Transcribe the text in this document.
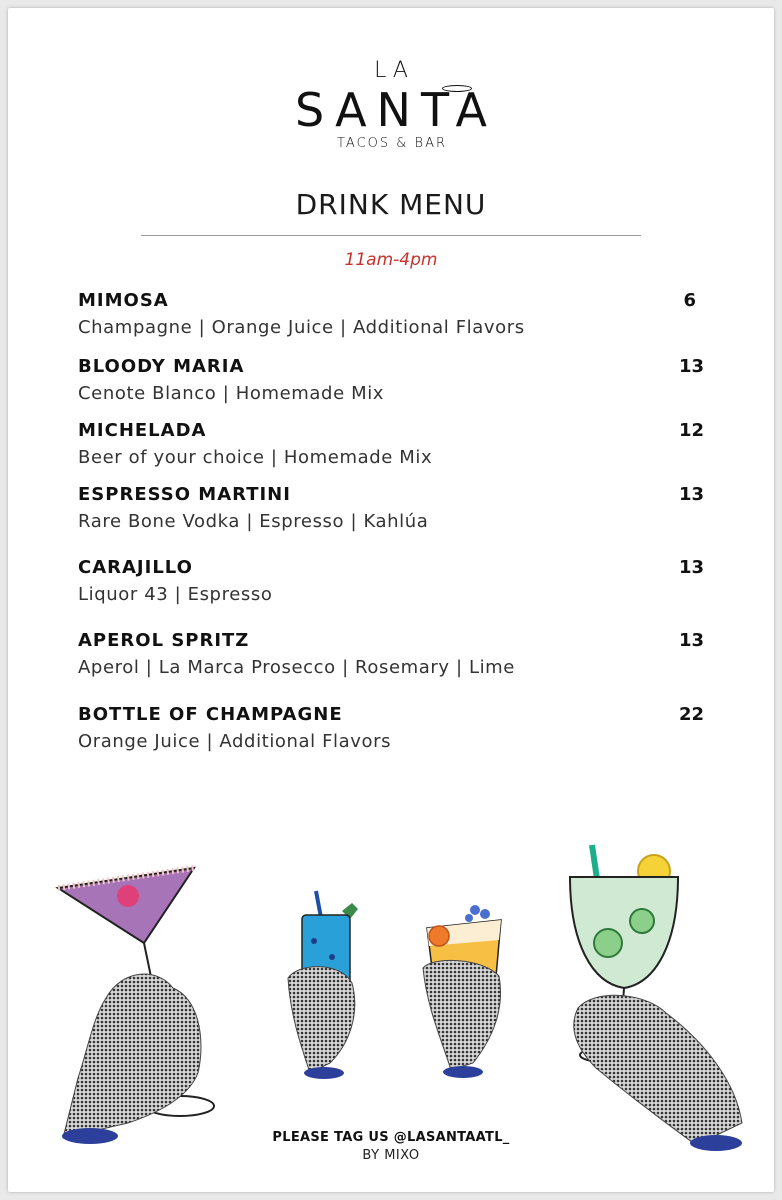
LA
SANTA
TACOS & BAR
DRINK MENU
11am-4pm
MIMOSA	6
Champagne | Orange Juice | Additional Flavors
BLOODY MARIA	13
Cenote Blanco | Homemade Mix
MICHELADA	12
Beer of your choice | Homemade Mix
ESPRESSO MARTINI	13
Rare Bone Vodka | Espresso | Kahlúa
CARAJILLO	13
Liquor 43 | Espresso
APEROL SPRITZ	13
Aperol | La Marca Prosecco | Rosemary | Lime
BOTTLE OF CHAMPAGNE	22
Orange Juice | Additional Flavors
PLEASE TAG US @LASANTAATL_
BY MIXO
